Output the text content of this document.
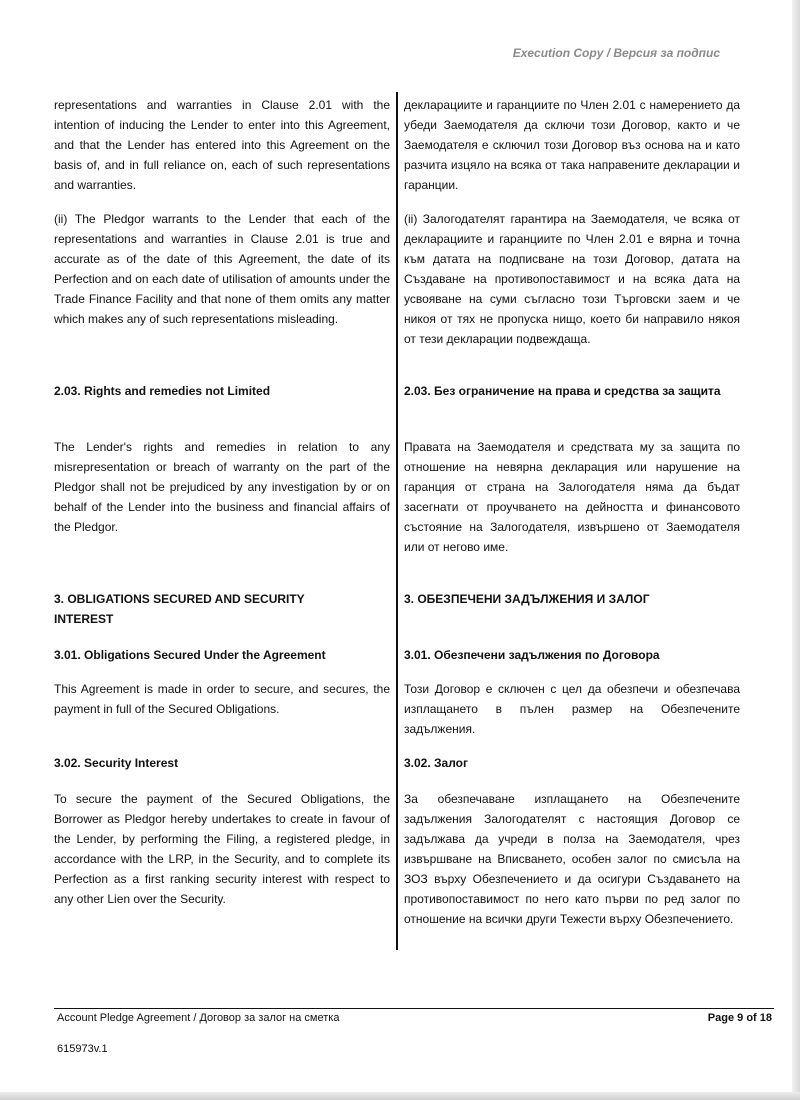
Execution Copy / Версия за подпис
representations and warranties in Clause 2.01 with the intention of inducing the Lender to enter into this Agreement, and that the Lender has entered into this Agreement on the basis of, and in full reliance on, each of such representations and warranties.
(ii) The Pledgor warrants to the Lender that each of the representations and warranties in Clause 2.01 is true and accurate as of the date of this Agreement, the date of its Perfection and on each date of utilisation of amounts under the Trade Finance Facility and that none of them omits any matter which makes any of such representations misleading.
2.03. Rights and remedies not Limited
The Lender's rights and remedies in relation to any misrepresentation or breach of warranty on the part of the Pledgor shall not be prejudiced by any investigation by or on behalf of the Lender into the business and financial affairs of the Pledgor.
3. OBLIGATIONS SECURED AND SECURITY INTEREST
3.01. Obligations Secured Under the Agreement
This Agreement is made in order to secure, and secures, the payment in full of the Secured Obligations.
3.02. Security Interest
To secure the payment of the Secured Obligations, the Borrower as Pledgor hereby undertakes to create in favour of the Lender, by performing the Filing, a registered pledge, in accordance with the LRP, in the Security, and to complete its Perfection as a first ranking security interest with respect to any other Lien over the Security.
декларациите и гаранциите по Член 2.01 с намерението да убеди Заемодателя да сключи този Договор, както и че Заемодателя е сключил този Договор въз основа на и като разчита изцяло на всяка от така направените декларации и гаранции.
(ii) Залогодателят гарантира на Заемодателя, че всяка от декларациите и гаранциите по Член 2.01 е вярна и точна към датата на подписване на този Договор, датата на Създаване на противопоставимост и на всяка дата на усвояване на суми съгласно този Търговски заем и че никоя от тях не пропуска нищо, което би направило някоя от тези декларации подвеждаща.
2.03. Без ограничение на права и средства за защита
Правата на Заемодателя и средствата му за защита по отношение на невярна декларация или нарушение на гаранция от страна на Залогодателя няма да бъдат засегнати от проучването на дейността и финансовото състояние на Залогодателя, извършено от Заемодателя или от негово име.
3. ОБЕЗПЕЧЕНИ ЗАДЪЛЖЕНИЯ И ЗАЛОГ
3.01. Обезпечени задължения по Договора
Този Договор е сключен с цел да обезпечи и обезпечава изплащането в пълен размер на Обезпечените задължения.
3.02. Залог
За обезпечаване изплащането на Обезпечените задължения Залогодателят с настоящия Договор се задължава да учреди в полза на Заемодателя, чрез извършване на Вписването, особен залог по смисъла на ЗОЗ върху Обезпечението и да осигури Създаването на противопоставимост по него като първи по ред залог по отношение на всички други Тежести върху Обезпечението.
Account Pledge Agreement / Договор за залог на сметка	Page 9 of 18
615973v.1
